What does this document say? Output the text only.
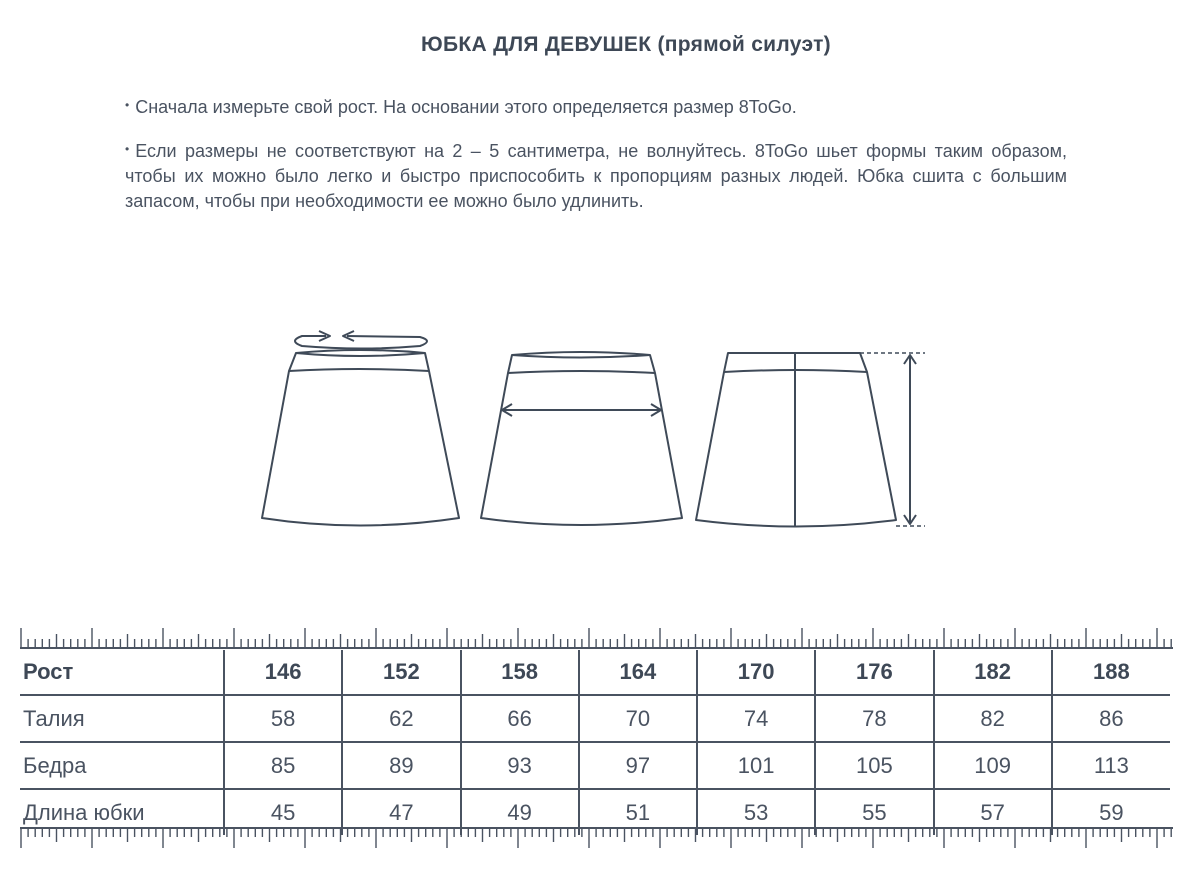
ЮБКА ДЛЯ ДЕВУШЕК (прямой силуэт)
• Сначала измерьте свой рост. На основании этого определяется размер 8ToGo.
• Если размеры не соответствуют на 2 – 5 сантиметра, не волнуйтесь. 8ToGo шьет формы таким образом, чтобы их можно было легко и быстро приспособить к пропорциям разных людей. Юбка сшита с большим запасом, чтобы при необходимости ее можно было удлинить.
Рост	146	152	158	164	170	176	182	188
Талия	58	62	66	70	74	78	82	86
Бедра	85	89	93	97	101	105	109	113
Длина юбки	45	47	49	51	53	55	57	59
